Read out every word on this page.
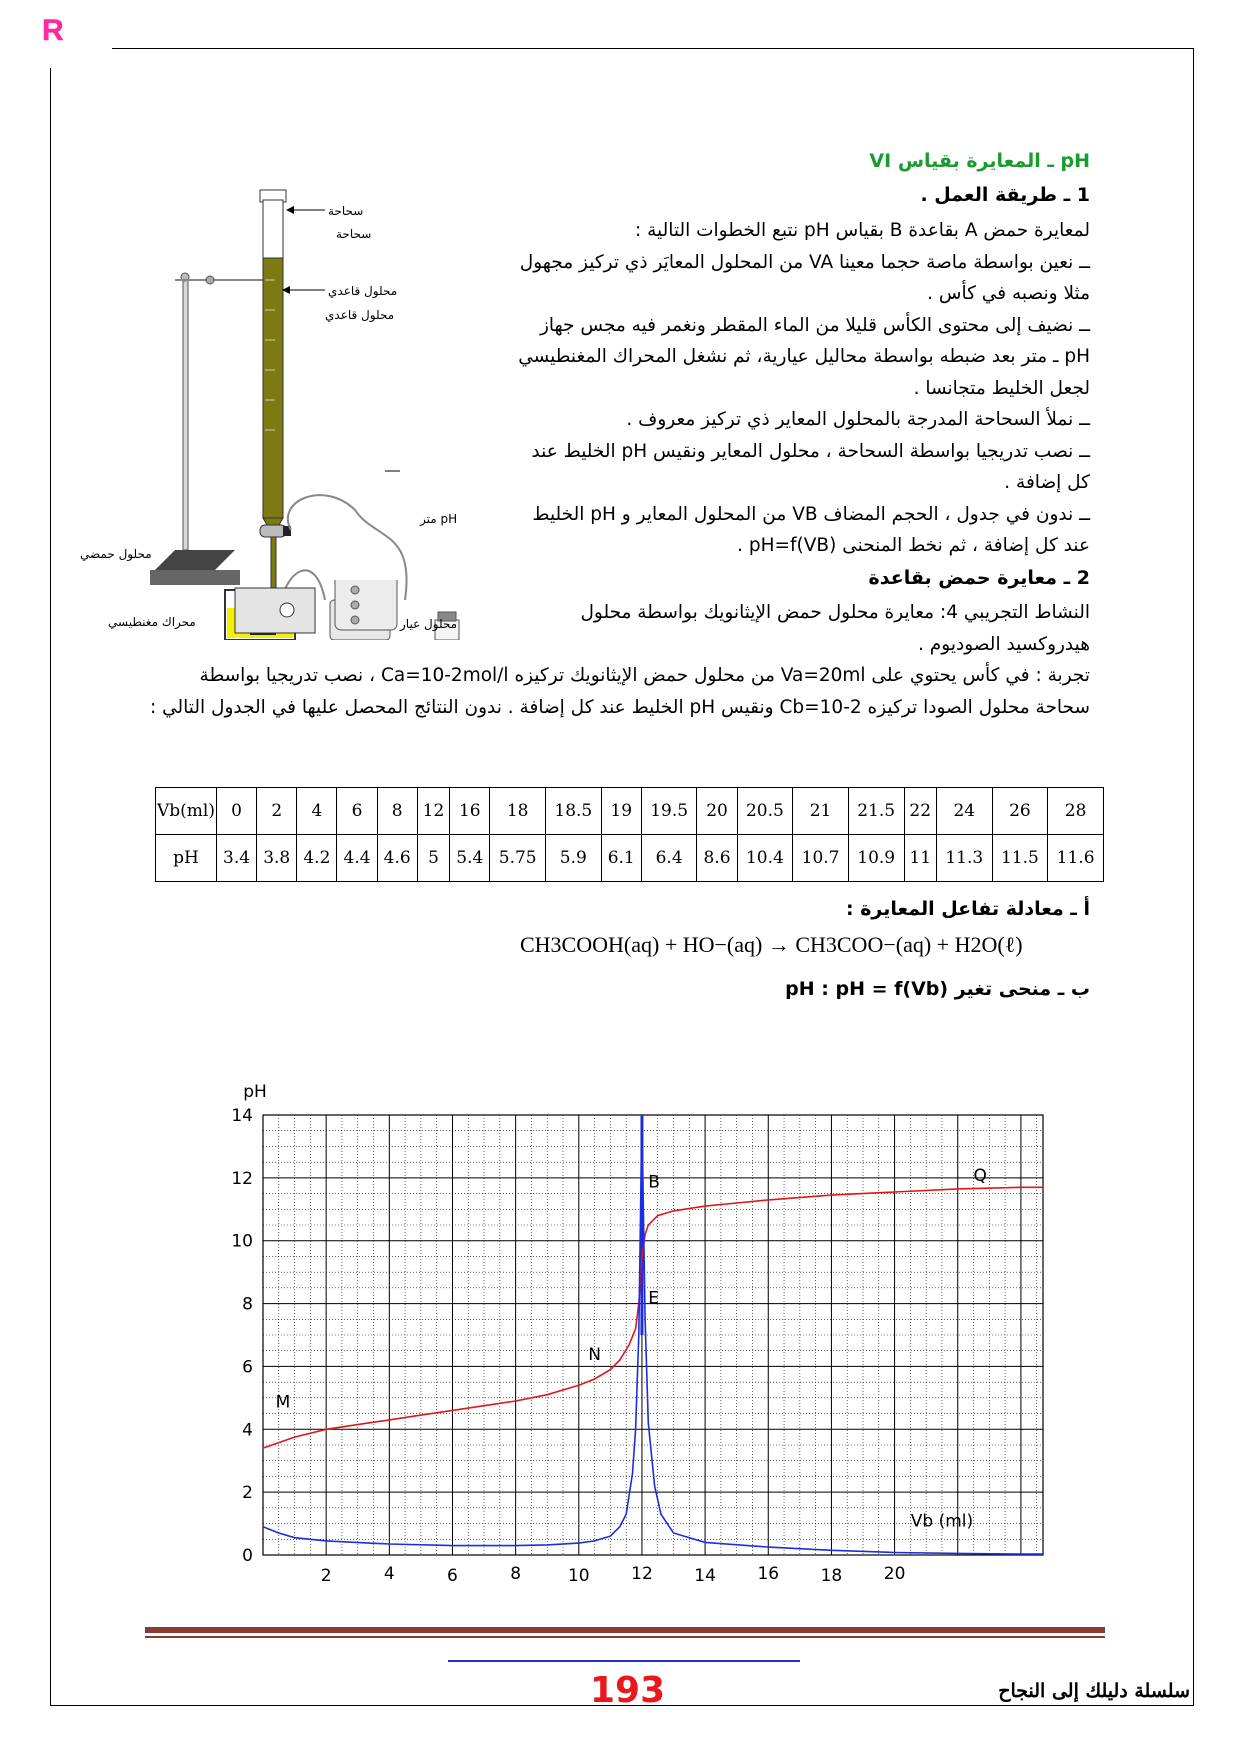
R
VI ـ المعايرة بقياس pH
1 ـ طريقة العمل .

لمعايرة حمض A بقاعدة B بقياس pH نتبع الخطوات التالية :

ــ نعين بواسطة ماصة حجما معينا VA من المحلول المعايَر ذي تركيز مجهول مثلا ونصبه في كأس .

ــ نضيف إلى محتوى الكأس قليلا من الماء المقطر ونغمر فيه مجس جهاز pH ـ متر بعد ضبطه بواسطة محاليل عيارية، ثم نشغل المحراك المغنطيسي لجعل الخليط متجانسا .

ــ نملأ السحاحة المدرجة بالمحلول المعاير ذي تركيز معروف .

ــ نصب تدريجيا بواسطة السحاحة ، محلول المعاير ونقيس pH الخليط عند كل إضافة .

ــ ندون في جدول ، الحجم المضاف VB من المحلول المعاير و pH الخليط عند كل إضافة ، ثم نخط المنحنى pH=f(VB) .

2 ـ معايرة حمض بقاعدة
النشاط التجريبي 4: معايرة محلول حمض الإيثانويك بواسطة محلول هيدروكسيد الصوديوم .

تجربة : في كأس يحتوي على Va=20ml من محلول حمض الإيثانويك تركيزه Ca=10-2mol/l ، نصب تدريجيا بواسطة سحاحة محلول الصودا تركيزه Cb=10-2 ونقيس pH الخليط عند كل إضافة . ندون النتائج المحصل عليها في الجدول التالي :

سحاحة
محلول قاعدي
سحاحة
محلول قاعدي
pH متر
محلول حمضي
محراك مغنطيسي	محلول عيار
Vb(ml)	0	2	4	6	8	12	16	18	18.5	19	19.5	20	20.5	21	21.5	22	24	26	28
pH	3.4	3.8	4.2	4.4	4.6	5	5.4	5.75	5.9	6.1	6.4	8.6	10.4	10.7	10.9	11	11.3	11.5	11.6
أ ـ معادلة تفاعل المعايرة :
CH3COOH(aq) + HO−(aq) → CH3COO−(aq) + H2O(ℓ)
ب ـ منحى تغير pH : pH = f(Vb)
0
2
4
6
8
10
12
14
2	4	6	8	10 12 14 16 18 20
pH
Vb (ml)
M
N
E
B	Q
193	سلسلة دليلك إلى النجاح
